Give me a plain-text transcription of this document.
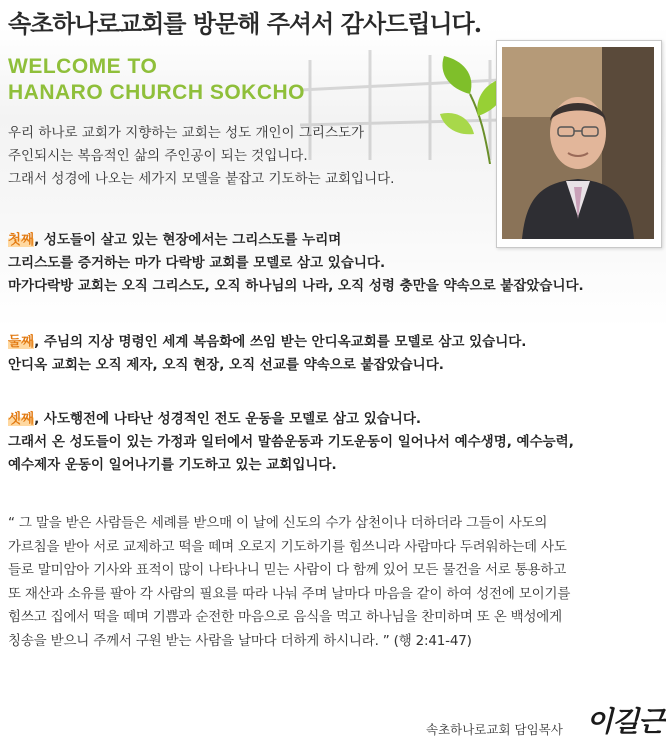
속초하나로교회를 방문해 주셔서 감사드립니다.
WELCOME TO
HANARO CHURCH SOKCHO
우리 하나로 교회가 지향하는 교회는 성도 개인이 그리스도가
주인되시는 복음적인 삶의 주인공이 되는 것입니다.
그래서 성경에 나오는 세가지 모델을 붙잡고 기도하는 교회입니다.
첫째, 성도들이 살고 있는 현장에서는 그리스도를 누리며
그리스도를 증거하는 마가 다락방 교회를 모델로 삼고 있습니다.
마가다락방 교회는 오직 그리스도, 오직 하나님의 나라, 오직 성령 충만을 약속으로 붙잡았습니다.
둘째, 주님의 지상 명령인 세계 복음화에 쓰임 받는 안디옥교회를 모델로 삼고 있습니다.
안디옥 교회는 오직 제자, 오직 현장, 오직 선교를 약속으로 붙잡았습니다.
셋째, 사도행전에 나타난 성경적인 전도 운동을 모델로 삼고 있습니다.
그래서 온 성도들이 있는 가정과 일터에서 말씀운동과 기도운동이 일어나서 예수생명, 예수능력,
예수제자 운동이 일어나기를 기도하고 있는 교회입니다.
“ 그 말을 받은 사람들은 세례를 받으매 이 날에 신도의 수가 삼천이나 더하더라 그들이 사도의
가르침을 받아 서로 교제하고 떡을 떼며 오로지 기도하기를 힘쓰니라 사람마다 두려워하는데 사도
들로 말미암아 기사와 표적이 많이 나타나니 믿는 사람이 다 함께 있어 모든 물건을 서로 통용하고
또 재산과 소유를 팔아 각 사람의 필요를 따라 나눠 주며 날마다 마음을 같이 하여 성전에 모이기를
힘쓰고 집에서 떡을 떼며 기쁨과 순전한 마음으로 음식을 먹고 하나님을 찬미하며 또 온 백성에게
칭송을 받으니 주께서 구원 받는 사람을 날마다 더하게 하시니라. ” (행 2:41-47)
속초하나로교회 담임목사 이길근
